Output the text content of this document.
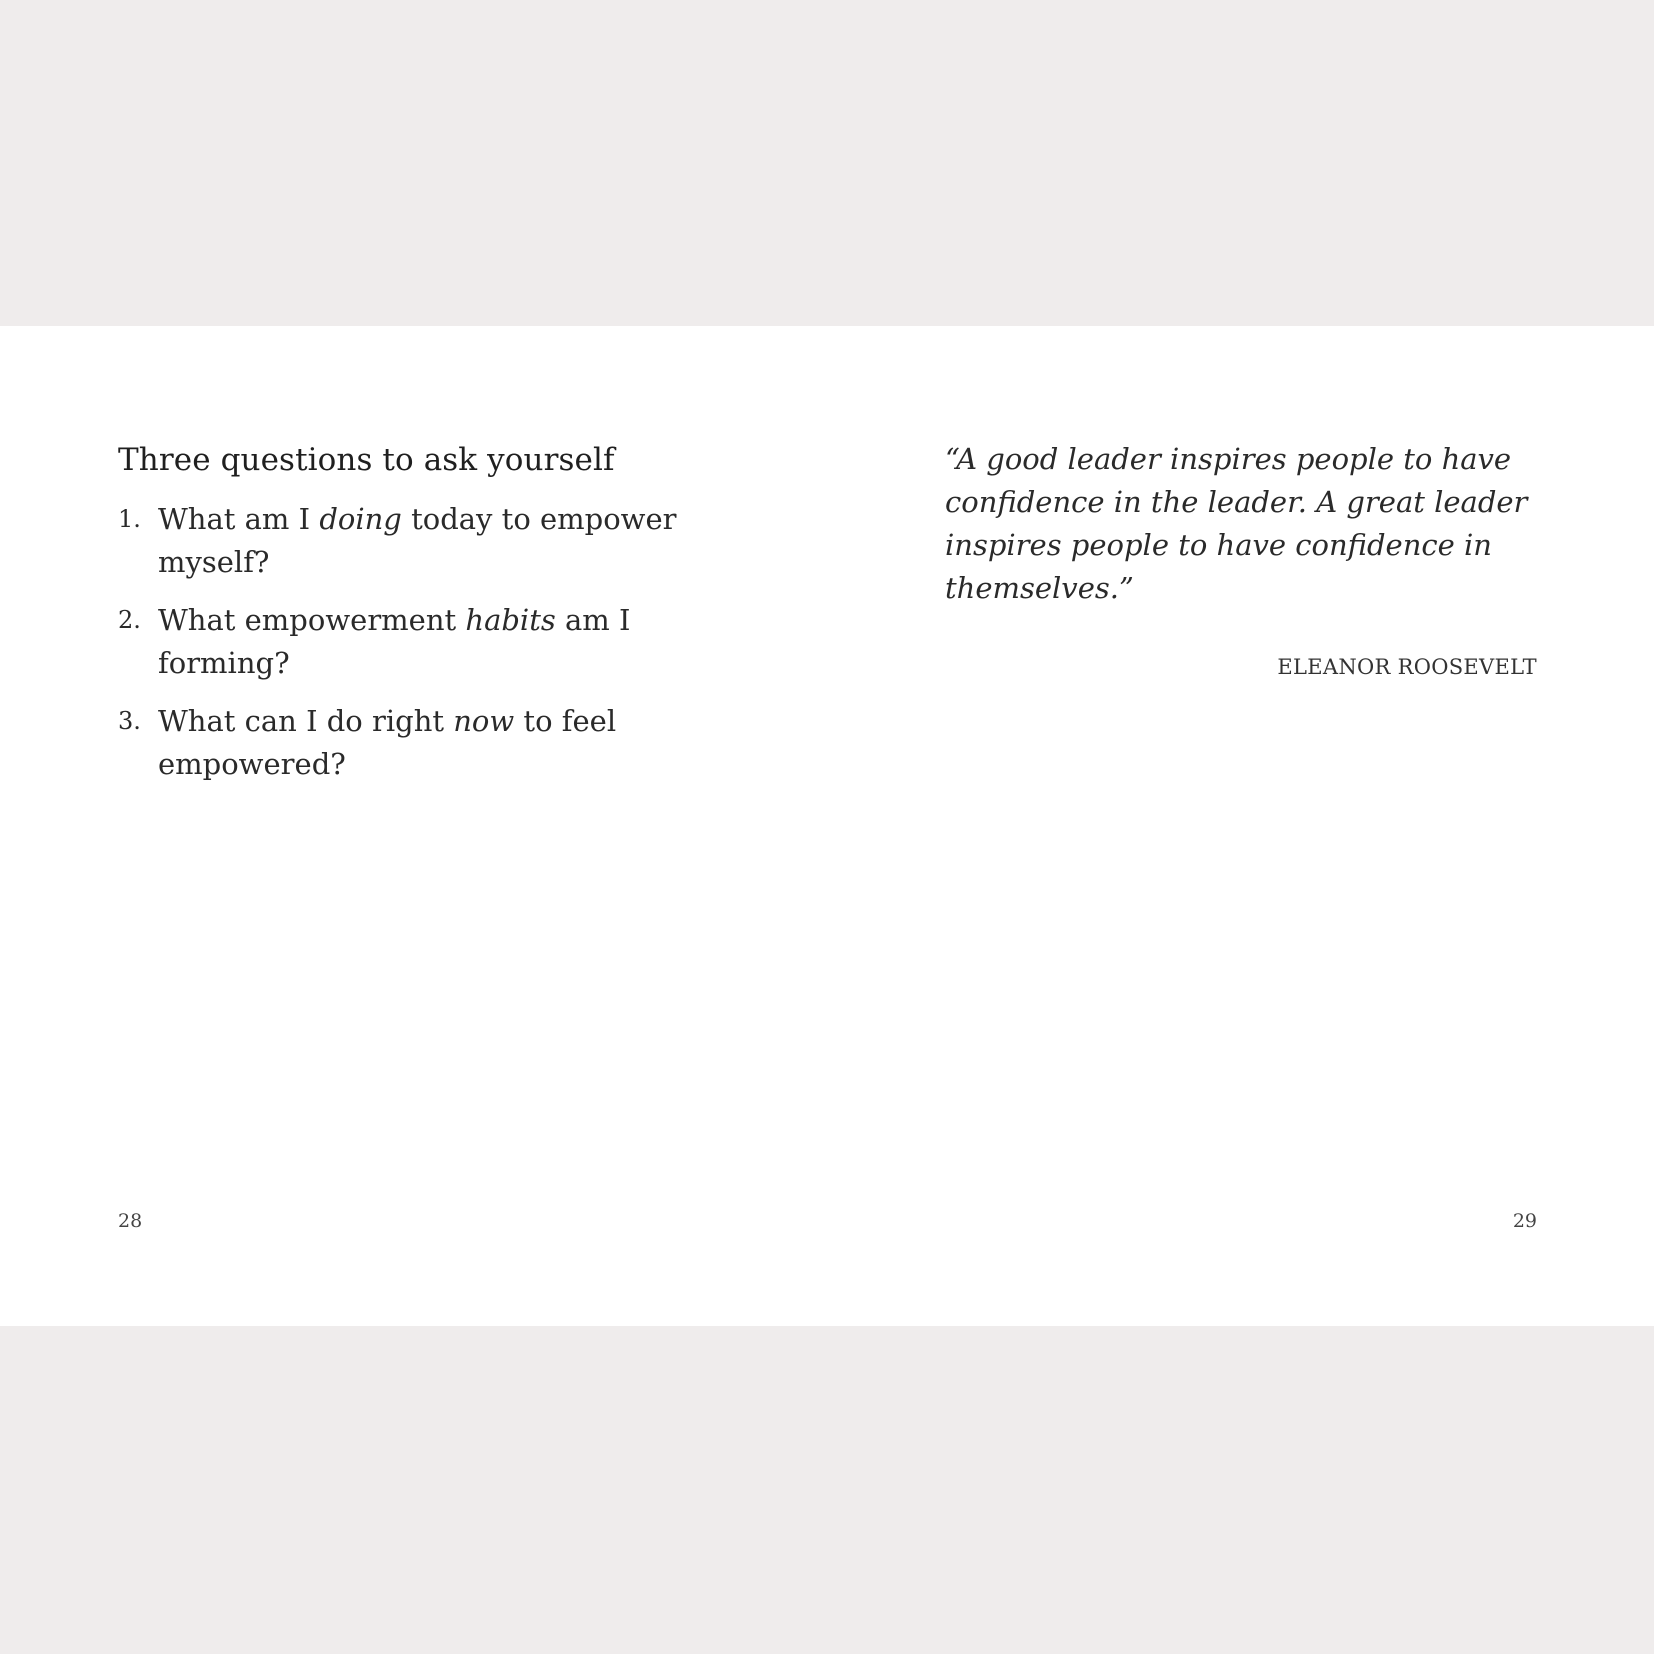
Three questions to ask yourself
1. What am I doing today to empower myself?
2. What empowerment habits am I forming?
3. What can I do right now to feel empowered?
28
“A good leader inspires people to have confidence in the leader. A great leader inspires people to have confidence in themselves.”
ELEANOR ROOSEVELT
29
